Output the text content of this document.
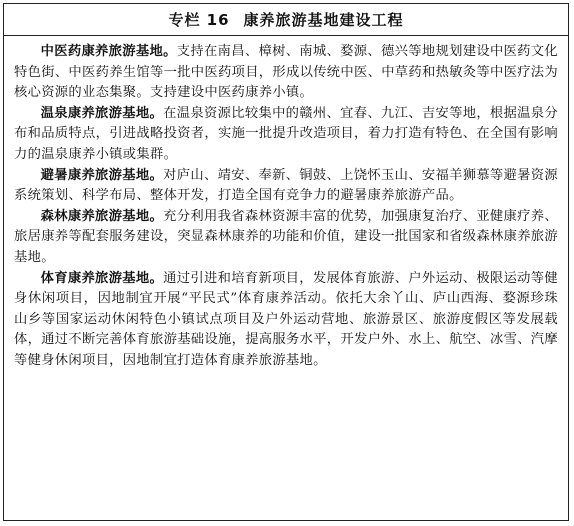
专栏 16 康养旅游基地建设工程

中医药康养旅游基地。支持在南昌、樟树、南城、婺源、德兴等地规划建设中医药文化特色街、中医药养生馆等一批中医药项目，形成以传统中医、中草药和热敏灸等中医疗法为核心资源的业态集聚。支持建设中医药康养小镇。

温泉康养旅游基地。在温泉资源比较集中的赣州、宜春、九江、吉安等地，根据温泉分布和品质特点，引进战略投资者，实施一批提升改造项目，着力打造有特色、在全国有影响力的温泉康养小镇或集群。

避暑康养旅游基地。对庐山、靖安、奉新、铜鼓、上饶怀玉山、安福羊狮慕等避暑资源系统策划、科学布局、整体开发，打造全国有竞争力的避暑康养旅游产品。

森林康养旅游基地。充分利用我省森林资源丰富的优势，加强康复治疗、亚健康疗养、旅居康养等配套服务建设，突显森林康养的功能和价值，建设一批国家和省级森林康养旅游基地。

体育康养旅游基地。通过引进和培育新项目，发展体育旅游、户外运动、极限运动等健身休闲项目，因地制宜开展“平民式”体育康养活动。依托大余丫山、庐山西海、婺源珍珠山乡等国家运动休闲特色小镇试点项目及户外运动营地、旅游景区、旅游度假区等发展载体，通过不断完善体育旅游基础设施，提高服务水平，开发户外、水上、航空、冰雪、汽摩等健身休闲项目，因地制宜打造体育康养旅游基地。
